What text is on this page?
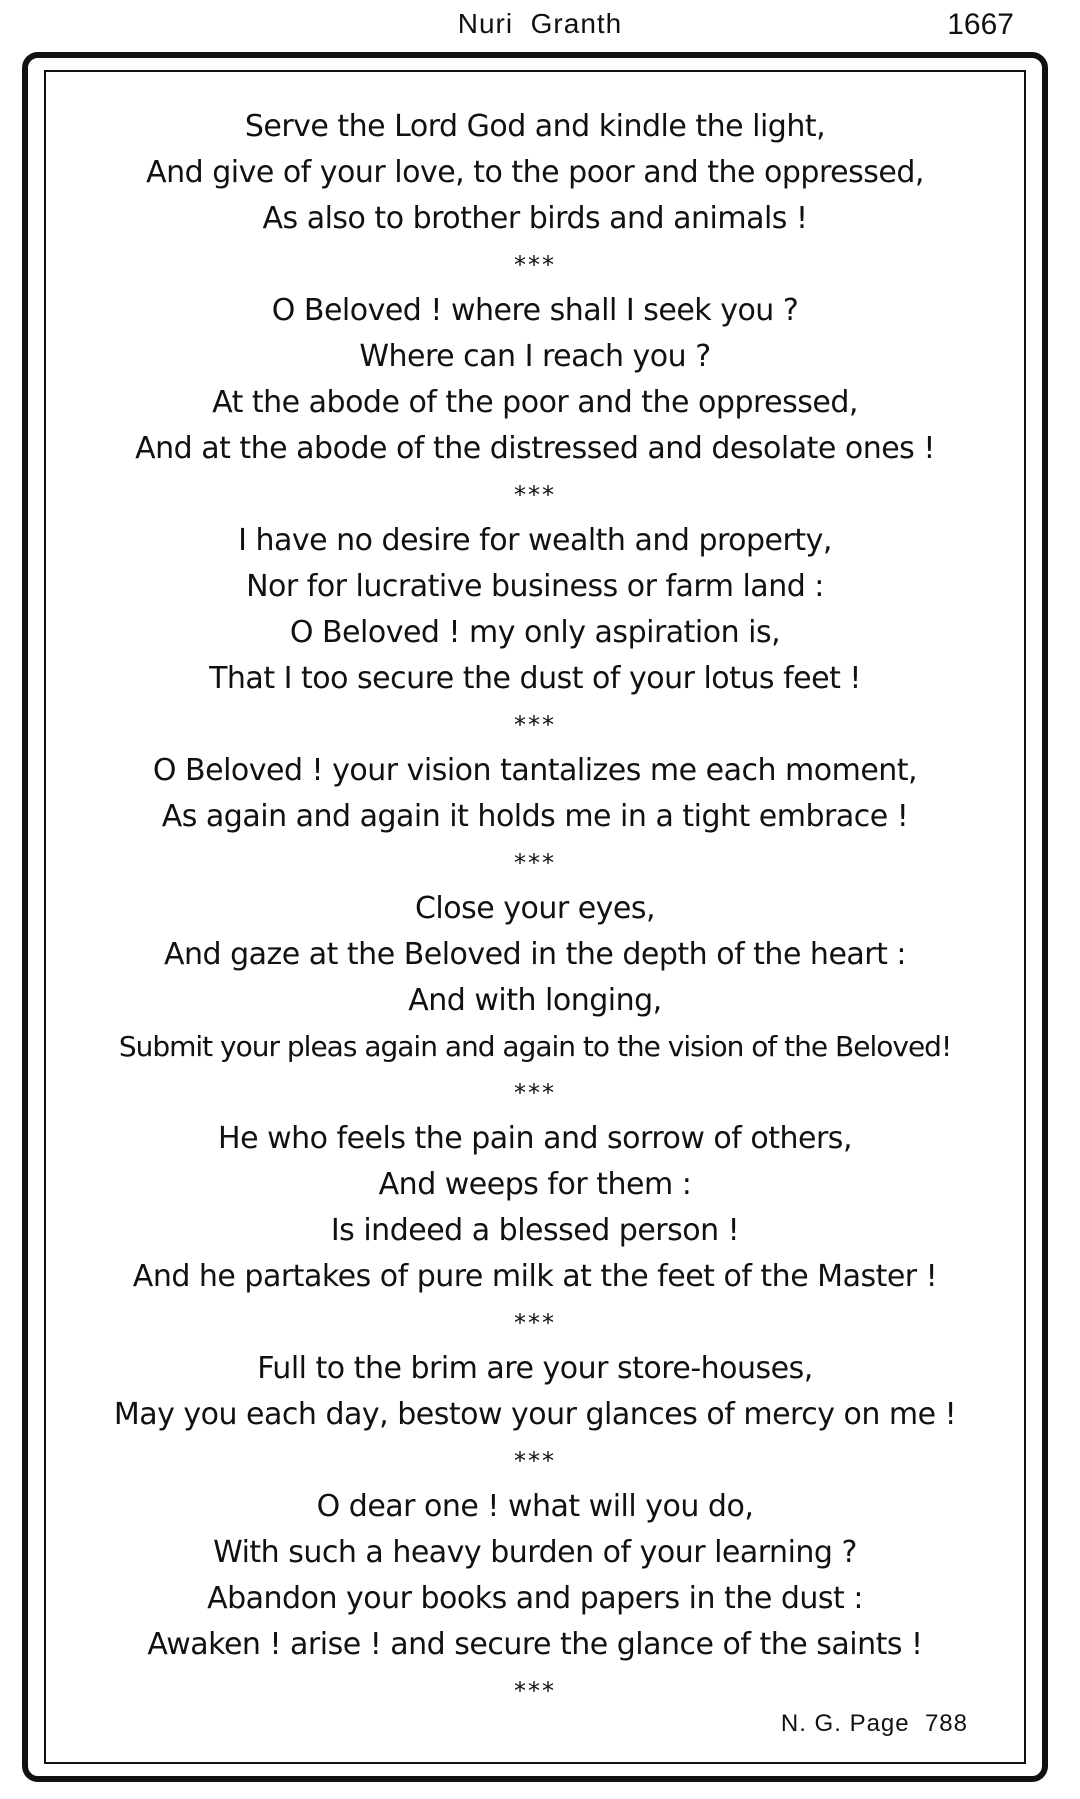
Nuri  Granth	1667
Serve the Lord God and kindle the light,
And give of your love, to the poor and the oppressed,
As also to brother birds and animals !
***
O Beloved ! where shall I seek you ?
Where can I reach you ?
At the abode of the poor and the oppressed,
And at the abode of the distressed and desolate ones !
***
I have no desire for wealth and property,
Nor for lucrative business or farm land :
O Beloved ! my only aspiration is,
That I too secure the dust of your lotus feet !
***
O Beloved ! your vision tantalizes me each moment,
As again and again it holds me in a tight embrace !
***
Close your eyes,
And gaze at the Beloved in the depth of the heart :
And with longing,
Submit your pleas again and again to the vision of the Beloved!
***
He who feels the pain and sorrow of others,
And weeps for them :
Is indeed a blessed person !
And he partakes of pure milk at the feet of the Master !
***
Full to the brim are your store-houses,
May you each day, bestow your glances of mercy on me !
***
O dear one ! what will you do,
With such a heavy burden of your learning ?
Abandon your books and papers in the dust :
Awaken ! arise ! and secure the glance of the saints !
***
N. G. Page  788
